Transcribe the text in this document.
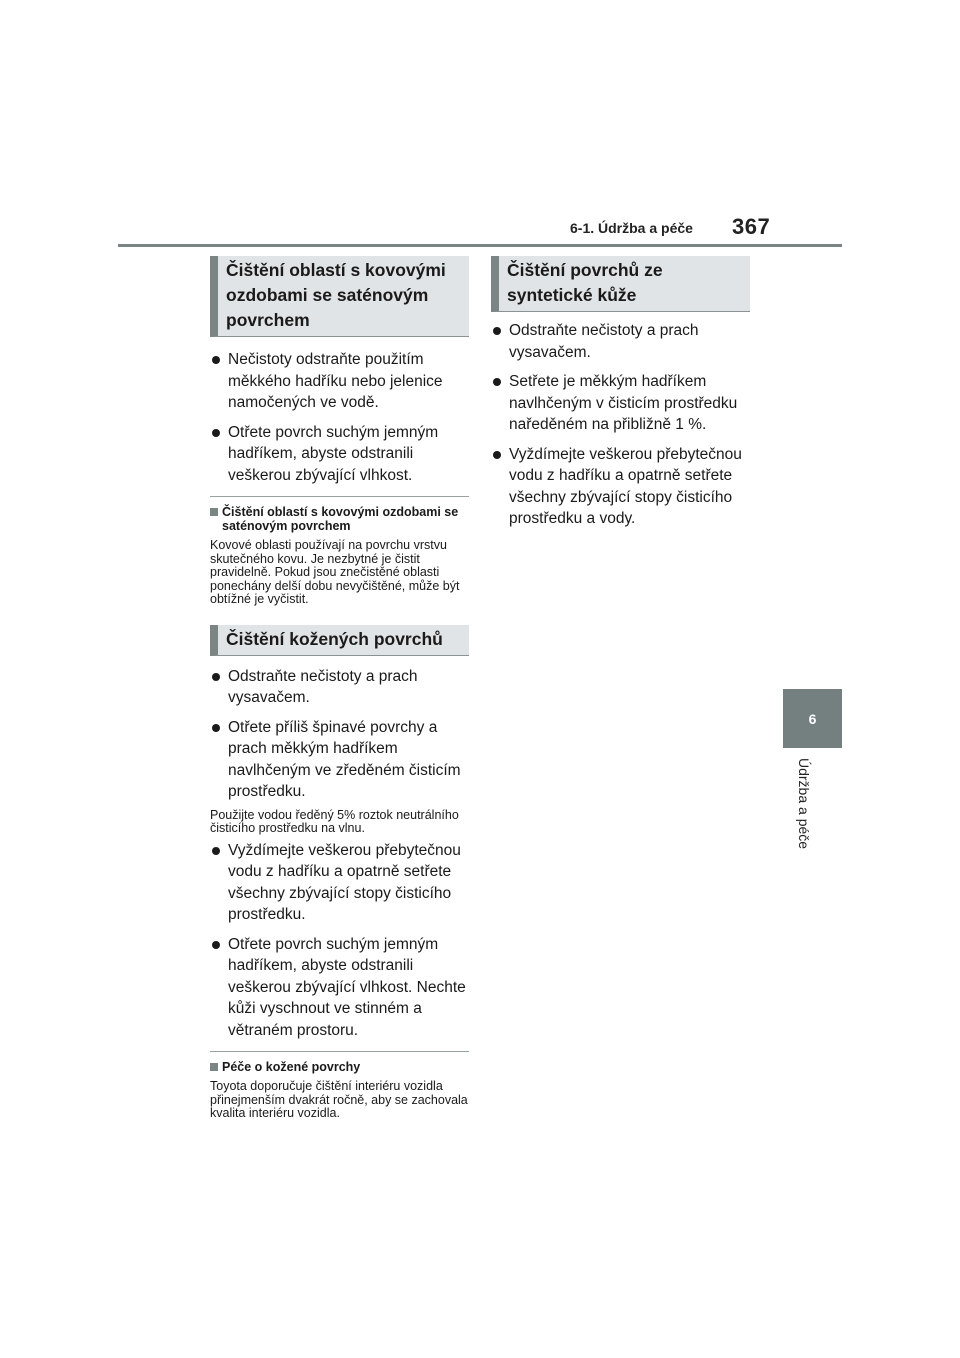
6-1. Údržba a péče 367
6
Údržba a péče
Čištění oblastí s kovovými ozdobami se saténovým povrchem
Nečistoty odstraňte použitím měkkého hadříku nebo jelenice namočených ve vodě.
Otřete povrch suchým jemným hadříkem, abyste odstranili veškerou zbývající vlhkost.
Čištění oblastí s kovovými ozdobami se saténovým povrchem
Kovové oblasti používají na povrchu vrstvu skutečného kovu. Je nezbytné je čistit pravidelně. Pokud jsou znečistěné oblasti ponechány delší dobu nevyčištěné, může být obtížné je vyčistit.
Čištění kožených povrchů
Odstraňte nečistoty a prach vysavačem.
Otřete příliš špinavé povrchy a prach měkkým hadříkem navlhčeným ve zředěném čisticím prostředku.
Použijte vodou ředěný 5% roztok neutrálního čisticího prostředku na vlnu.
Vyždímejte veškerou přebytečnou vodu z hadříku a opatrně setřete všechny zbývající stopy čisticího prostředku.
Otřete povrch suchým jemným hadříkem, abyste odstranili veškerou zbývající vlhkost. Nechte kůži vyschnout ve stinném a větraném prostoru.
Péče o kožené povrchy
Toyota doporučuje čištění interiéru vozidla přinejmenším dvakrát ročně, aby se zachovala kvalita interiéru vozidla.
Čištění povrchů ze syntetické kůže
Odstraňte nečistoty a prach vysavačem.
Setřete je měkkým hadříkem navlhčeným v čisticím prostředku naředěném na přibližně 1 %.
Vyždímejte veškerou přebytečnou vodu z hadříku a opatrně setřete všechny zbývající stopy čisticího prostředku a vody.
